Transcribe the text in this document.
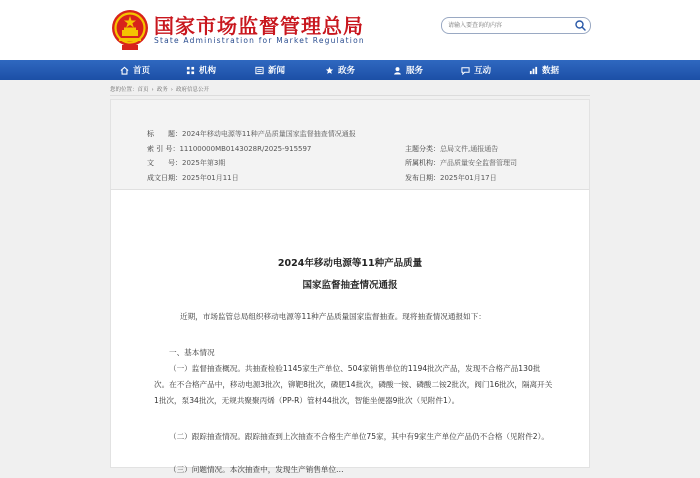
国家市场监督管理总局
State Administration for Market Regulation
请输入要查询的内容
首页	机构	新闻	政务	服务	互动	数据
您的位置：首页 › 政务 › 政府信息公开
标　　题：2024年移动电源等11种产品质量国家监督抽查情况通报
索 引 号：11100000MB0143028R/2025-915597	主题分类：总局文件,通报通告
文　　号：2025年第3期	所属机构：产品质量安全监督管理司
成文日期：2025年01月11日	发布日期：2025年01月17日
2024年移动电源等11种产品质量
国家监督抽查情况通报
近期，市场监管总局组织移动电源等11种产品质量国家监督抽查。现将抽查情况通报如下：
一、基本情况
（一）监督抽查概况。共抽查检验1145家生产单位、504家销售单位的1194批次产品，发现不合格产品130批次。在不合格产品中，移动电源3批次，铆靶8批次，磷肥14批次，磷酸一铵、磷酸二铵2批次，阀门16批次，隔离开关1批次，泵34批次，无规共聚聚丙烯（PP-R）管材44批次，智能坐便器9批次（见附件1）。
（二）跟踪抽查情况。跟踪抽查到上次抽查不合格生产单位75家，其中有9家生产单位产品仍不合格（见附件2）。
（三）问题情况。本次抽查中，发现生产销售单位…
